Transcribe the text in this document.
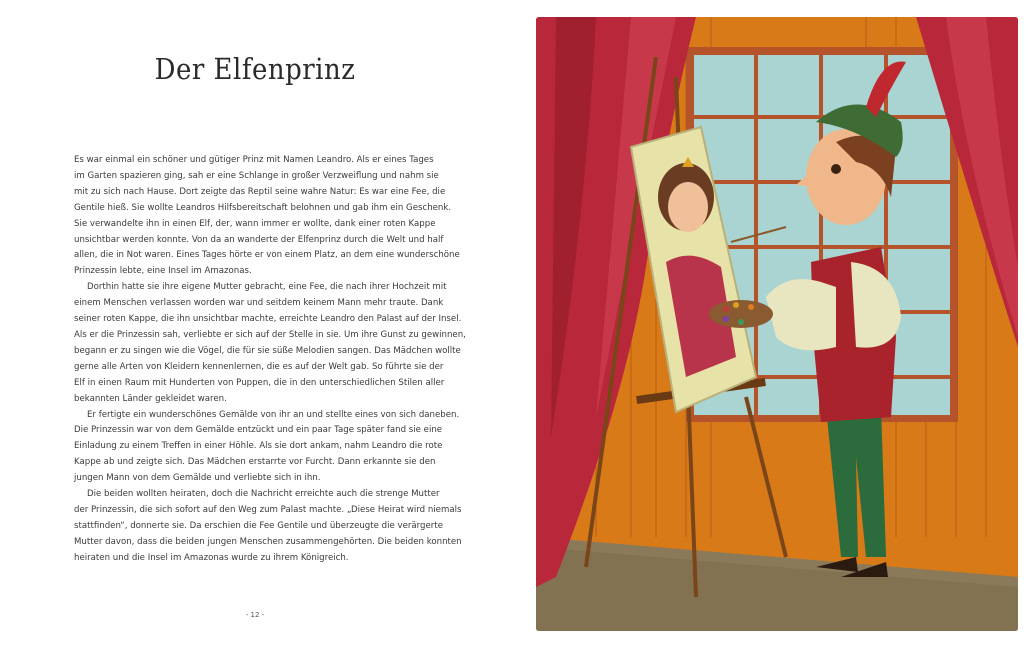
Der Elfenprinz
Es war einmal ein schöner und gütiger Prinz mit Namen Leandro. Als er eines Tages
im Garten spazieren ging, sah er eine Schlange in großer Verzweiflung und nahm sie
mit zu sich nach Hause. Dort zeigte das Reptil seine wahre Natur: Es war eine Fee, die
Gentile hieß. Sie wollte Leandros Hilfsbereitschaft belohnen und gab ihm ein Geschenk.
Sie verwandelte ihn in einen Elf, der, wann immer er wollte, dank einer roten Kappe
unsichtbar werden konnte. Von da an wanderte der Elfenprinz durch die Welt und half
allen, die in Not waren. Eines Tages hörte er von einem Platz, an dem eine wunderschöne
Prinzessin lebte, eine Insel im Amazonas.
Dorthin hatte sie ihre eigene Mutter gebracht, eine Fee, die nach ihrer Hochzeit mit
einem Menschen verlassen worden war und seitdem keinem Mann mehr traute. Dank
seiner roten Kappe, die ihn unsichtbar machte, erreichte Leandro den Palast auf der Insel.
Als er die Prinzessin sah, verliebte er sich auf der Stelle in sie. Um ihre Gunst zu gewinnen,
begann er zu singen wie die Vögel, die für sie süße Melodien sangen. Das Mädchen wollte
gerne alle Arten von Kleidern kennenlernen, die es auf der Welt gab. So führte sie der
Elf in einen Raum mit Hunderten von Puppen, die in den unterschiedlichen Stilen aller
bekannten Länder gekleidet waren.
Er fertigte ein wunderschönes Gemälde von ihr an und stellte eines von sich daneben.
Die Prinzessin war von dem Gemälde entzückt und ein paar Tage später fand sie eine
Einladung zu einem Treffen in einer Höhle. Als sie dort ankam, nahm Leandro die rote
Kappe ab und zeigte sich. Das Mädchen erstarrte vor Furcht. Dann erkannte sie den
jungen Mann von dem Gemälde und verliebte sich in ihn.
Die beiden wollten heiraten, doch die Nachricht erreichte auch die strenge Mutter
der Prinzessin, die sich sofort auf den Weg zum Palast machte. „Diese Heirat wird niemals
stattfinden“, donnerte sie. Da erschien die Fee Gentile und überzeugte die verärgerte
Mutter davon, dass die beiden jungen Menschen zusammengehörten. Die beiden konnten
heiraten und die Insel im Amazonas wurde zu ihrem Königreich.
- 12 -
